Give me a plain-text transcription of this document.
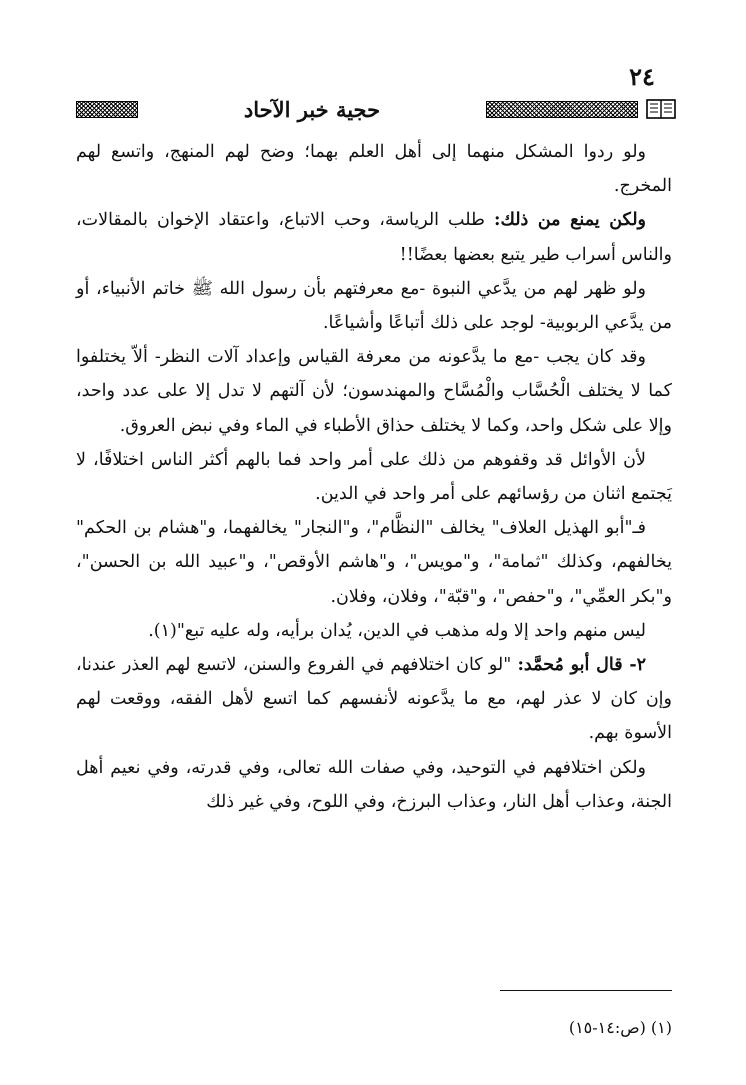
٢٤
حجية خبر الآحاد

ولو ردوا المشكل منهما إلى أهل العلم بهما؛ وضح لهم المنهج، واتسع لهم المخرج.

ولكن يمنع من ذلك: طلب الرياسة، وحب الاتباع، واعتقاد الإخوان بالمقالات، والناس أسراب طير يتبع بعضها بعضًا!!

ولو ظهر لهم من يدَّعي النبوة -مع معرفتهم بأن رسول الله ﷺ خاتم الأنبياء، أو من يدَّعي الربوبية- لوجد على ذلك أتباعًا وأشياعًا.

وقد كان يجب -مع ما يدَّعونه من معرفة القياس وإعداد آلات النظر- ألاّ يختلفوا كما لا يختلف الْحُسَّاب والْمُسَّاح والمهندسون؛ لأن آلتهم لا تدل إلا على عدد واحد، وإلا على شكل واحد، وكما لا يختلف حذاق الأطباء في الماء وفي نبض العروق.

لأن الأوائل قد وقفوهم من ذلك على أمر واحد فما بالهم أكثر الناس اختلافًا، لا يَجتمع اثنان من رؤسائهم على أمر واحد في الدين.

فـ"أبو الهذيل العلاف" يخالف "النظَّام"، و"النجار" يخالفهما، و"هشام بن الحكم" يخالفهم، وكذلك "ثمامة"، و"مويس"، و"هاشم الأوقص"، و"عبيد الله بن الحسن"، و"بكر العمِّي"، و"حفص"، و"قبّة"، وفلان، وفلان.

ليس منهم واحد إلا وله مذهب في الدين، يُدان برأيه، وله عليه تبع"(١).

٢- قال أبو مُحمَّد: "لو كان اختلافهم في الفروع والسنن، لاتسع لهم العذر عندنا، وإن كان لا عذر لهم، مع ما يدَّعونه لأنفسهم كما اتسع لأهل الفقه، ووقعت لهم الأسوة بهم.

ولكن اختلافهم في التوحيد، وفي صفات الله تعالى، وفي قدرته، وفي نعيم أهل الجنة، وعذاب أهل النار، وعذاب البرزخ، وفي اللوح، وفي غير ذلك

(١) (ص:١٤-١٥)
